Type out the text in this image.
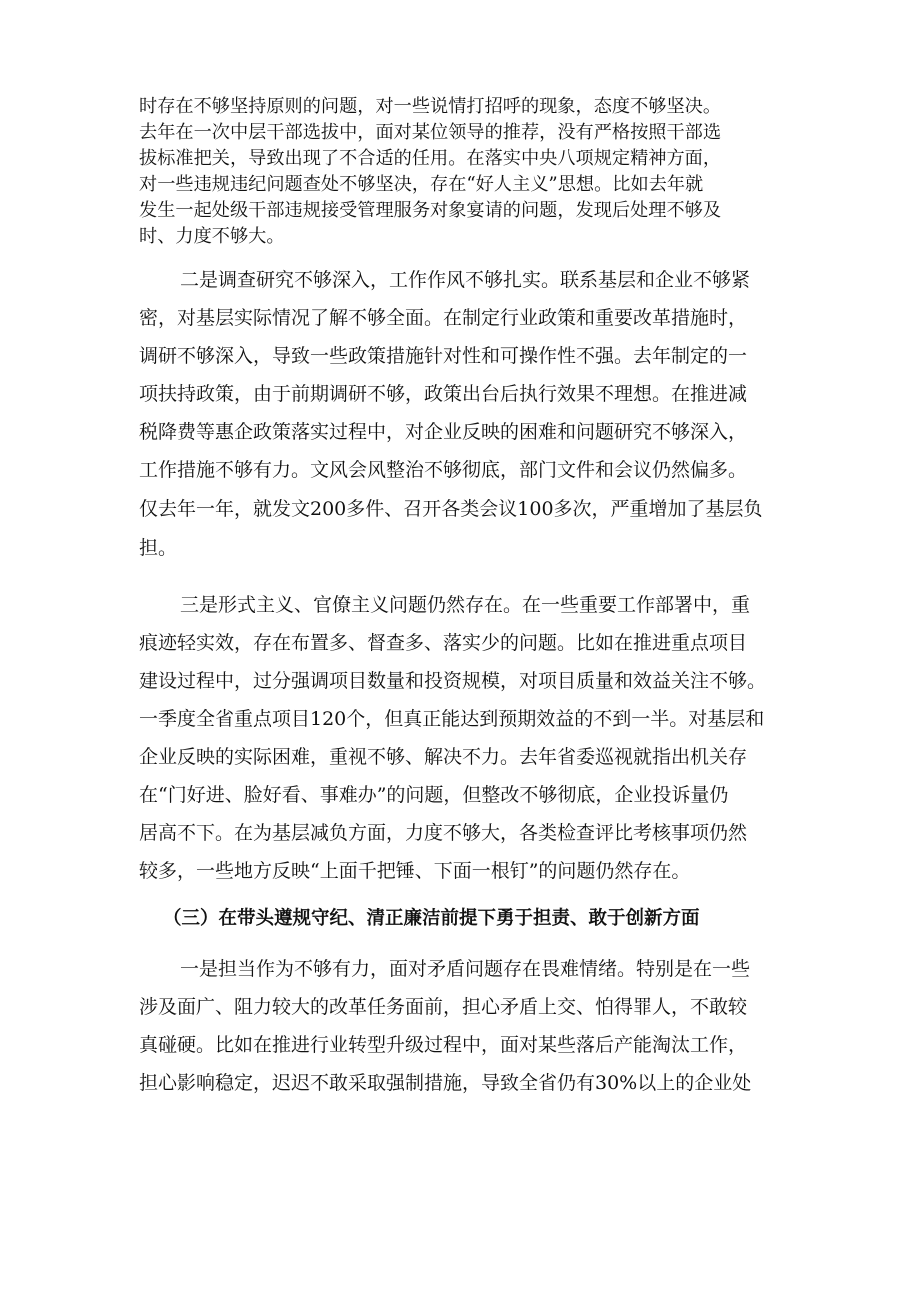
时存在不够坚持原则的问题，对一些说情打招呼的现象，态度不够坚决。
去年在一次中层干部选拔中，面对某位领导的推荐，没有严格按照干部选
拔标准把关，导致出现了不合适的任用。在落实中央八项规定精神方面，
对一些违规违纪问题查处不够坚决，存在“好人主义”思想。比如去年就
发生一起处级干部违规接受管理服务对象宴请的问题，发现后处理不够及
时、力度不够大。
二是调查研究不够深入，工作作风不够扎实。联系基层和企业不够紧
密，对基层实际情况了解不够全面。在制定行业政策和重要改革措施时，
调研不够深入，导致一些政策措施针对性和可操作性不强。去年制定的一
项扶持政策，由于前期调研不够，政策出台后执行效果不理想。在推进减
税降费等惠企政策落实过程中，对企业反映的困难和问题研究不够深入，
工作措施不够有力。文风会风整治不够彻底，部门文件和会议仍然偏多。
仅去年一年，就发文200多件、召开各类会议100多次，严重增加了基层负
担。
三是形式主义、官僚主义问题仍然存在。在一些重要工作部署中，重
痕迹轻实效，存在布置多、督查多、落实少的问题。比如在推进重点项目
建设过程中，过分强调项目数量和投资规模，对项目质量和效益关注不够。
一季度全省重点项目120个，但真正能达到预期效益的不到一半。对基层和
企业反映的实际困难，重视不够、解决不力。去年省委巡视就指出机关存
在“门好进、脸好看、事难办”的问题，但整改不够彻底，企业投诉量仍
居高不下。在为基层减负方面，力度不够大，各类检查评比考核事项仍然
较多，一些地方反映“上面千把锤、下面一根钉”的问题仍然存在。
（三）在带头遵规守纪、清正廉洁前提下勇于担责、敢于创新方面
一是担当作为不够有力，面对矛盾问题存在畏难情绪。特别是在一些
涉及面广、阻力较大的改革任务面前，担心矛盾上交、怕得罪人，不敢较
真碰硬。比如在推进行业转型升级过程中，面对某些落后产能淘汰工作，
担心影响稳定，迟迟不敢采取强制措施，导致全省仍有30%以上的企业处
